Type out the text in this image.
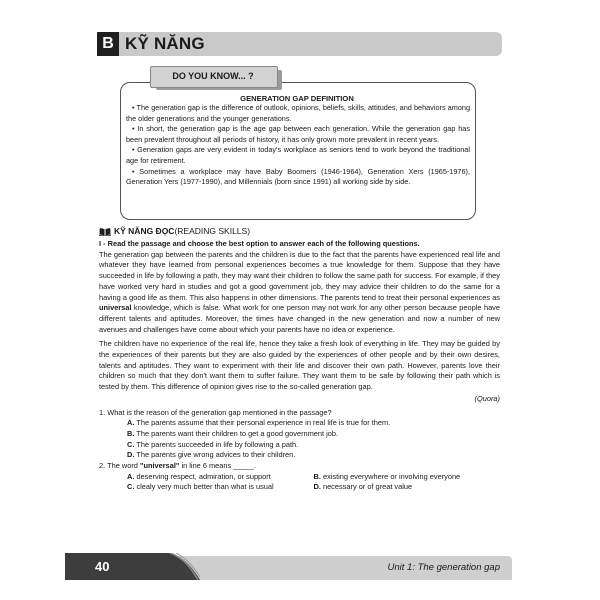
B KỸ NĂNG
DO YOU KNOW... ?
GENERATION GAP DEFINITION

• The generation gap is the difference of outlook, opinions, beliefs, skills, attitudes, and behaviors among the older generations and the younger generations.

• In short, the generation gap is the age gap between each generation. While the generation gap has been prevalent throughout all periods of history, it has only grown more prevalent in recent years.

• Generation gaps are very evident in today's workplace as seniors tend to work beyond the traditional age for retirement.

• Sometimes a workplace may have Baby Boomers (1946-1964), Generation Xers (1965-1976), Generation Yers (1977-1990), and Millennials (born since 1991) all working side by side.

KỸ NĂNG ĐỌC (READING SKILLS)

I - Read the passage and choose the best option to answer each of the following questions.

The generation gap between the parents and the children is due to the fact that the parents have experienced real life and whatever they have learned from personal experiences becomes a true knowledge for them. Suppose that they have succeeded in life by following a path, they may want their children to follow the same path for success. For example, if they have worked very hard in studies and got a good government job, they may advice their children to do the same for a having a good life as them. This also happens in other dimensions. The parents tend to treat their personal experiences as universal knowledge, which is false. What work for one person may not work for any other person because people have different talents and aptitudes. Moreover, the times have changed in the new generation and now a number of new avenues and challenges have come about which your parents have no idea or experience.

The children have no experience of the real life, hence they take a fresh look of everything in life. They may be guided by the experiences of their parents but they are also guided by the experiences of other people and by their own desires, talents and aptitudes. They want to experiment with their life and discover their own path. However, parents love their children so much that they don't want them to suffer failure. They want them to be safe by following their path which is tested by them. This difference of opinion gives rise to the so-called generation gap.

(Quora)

1. What is the reason of the generation gap mentioned in the passage?

A. The parents assume that their personal experience in real life is true for them.
B. The parents want their children to get a good government job.
C. The parents succeeded in life by following a path.
D. The parents give wrong advices to their children.

2. The word "universal" in line 6 means _____.

A. deserving respect, admiration, or support	B. existing everywhere or involving everyone
C. clealy very much better than what is usual	D. necessary or of great value
40	Unit 1: The generation gap
